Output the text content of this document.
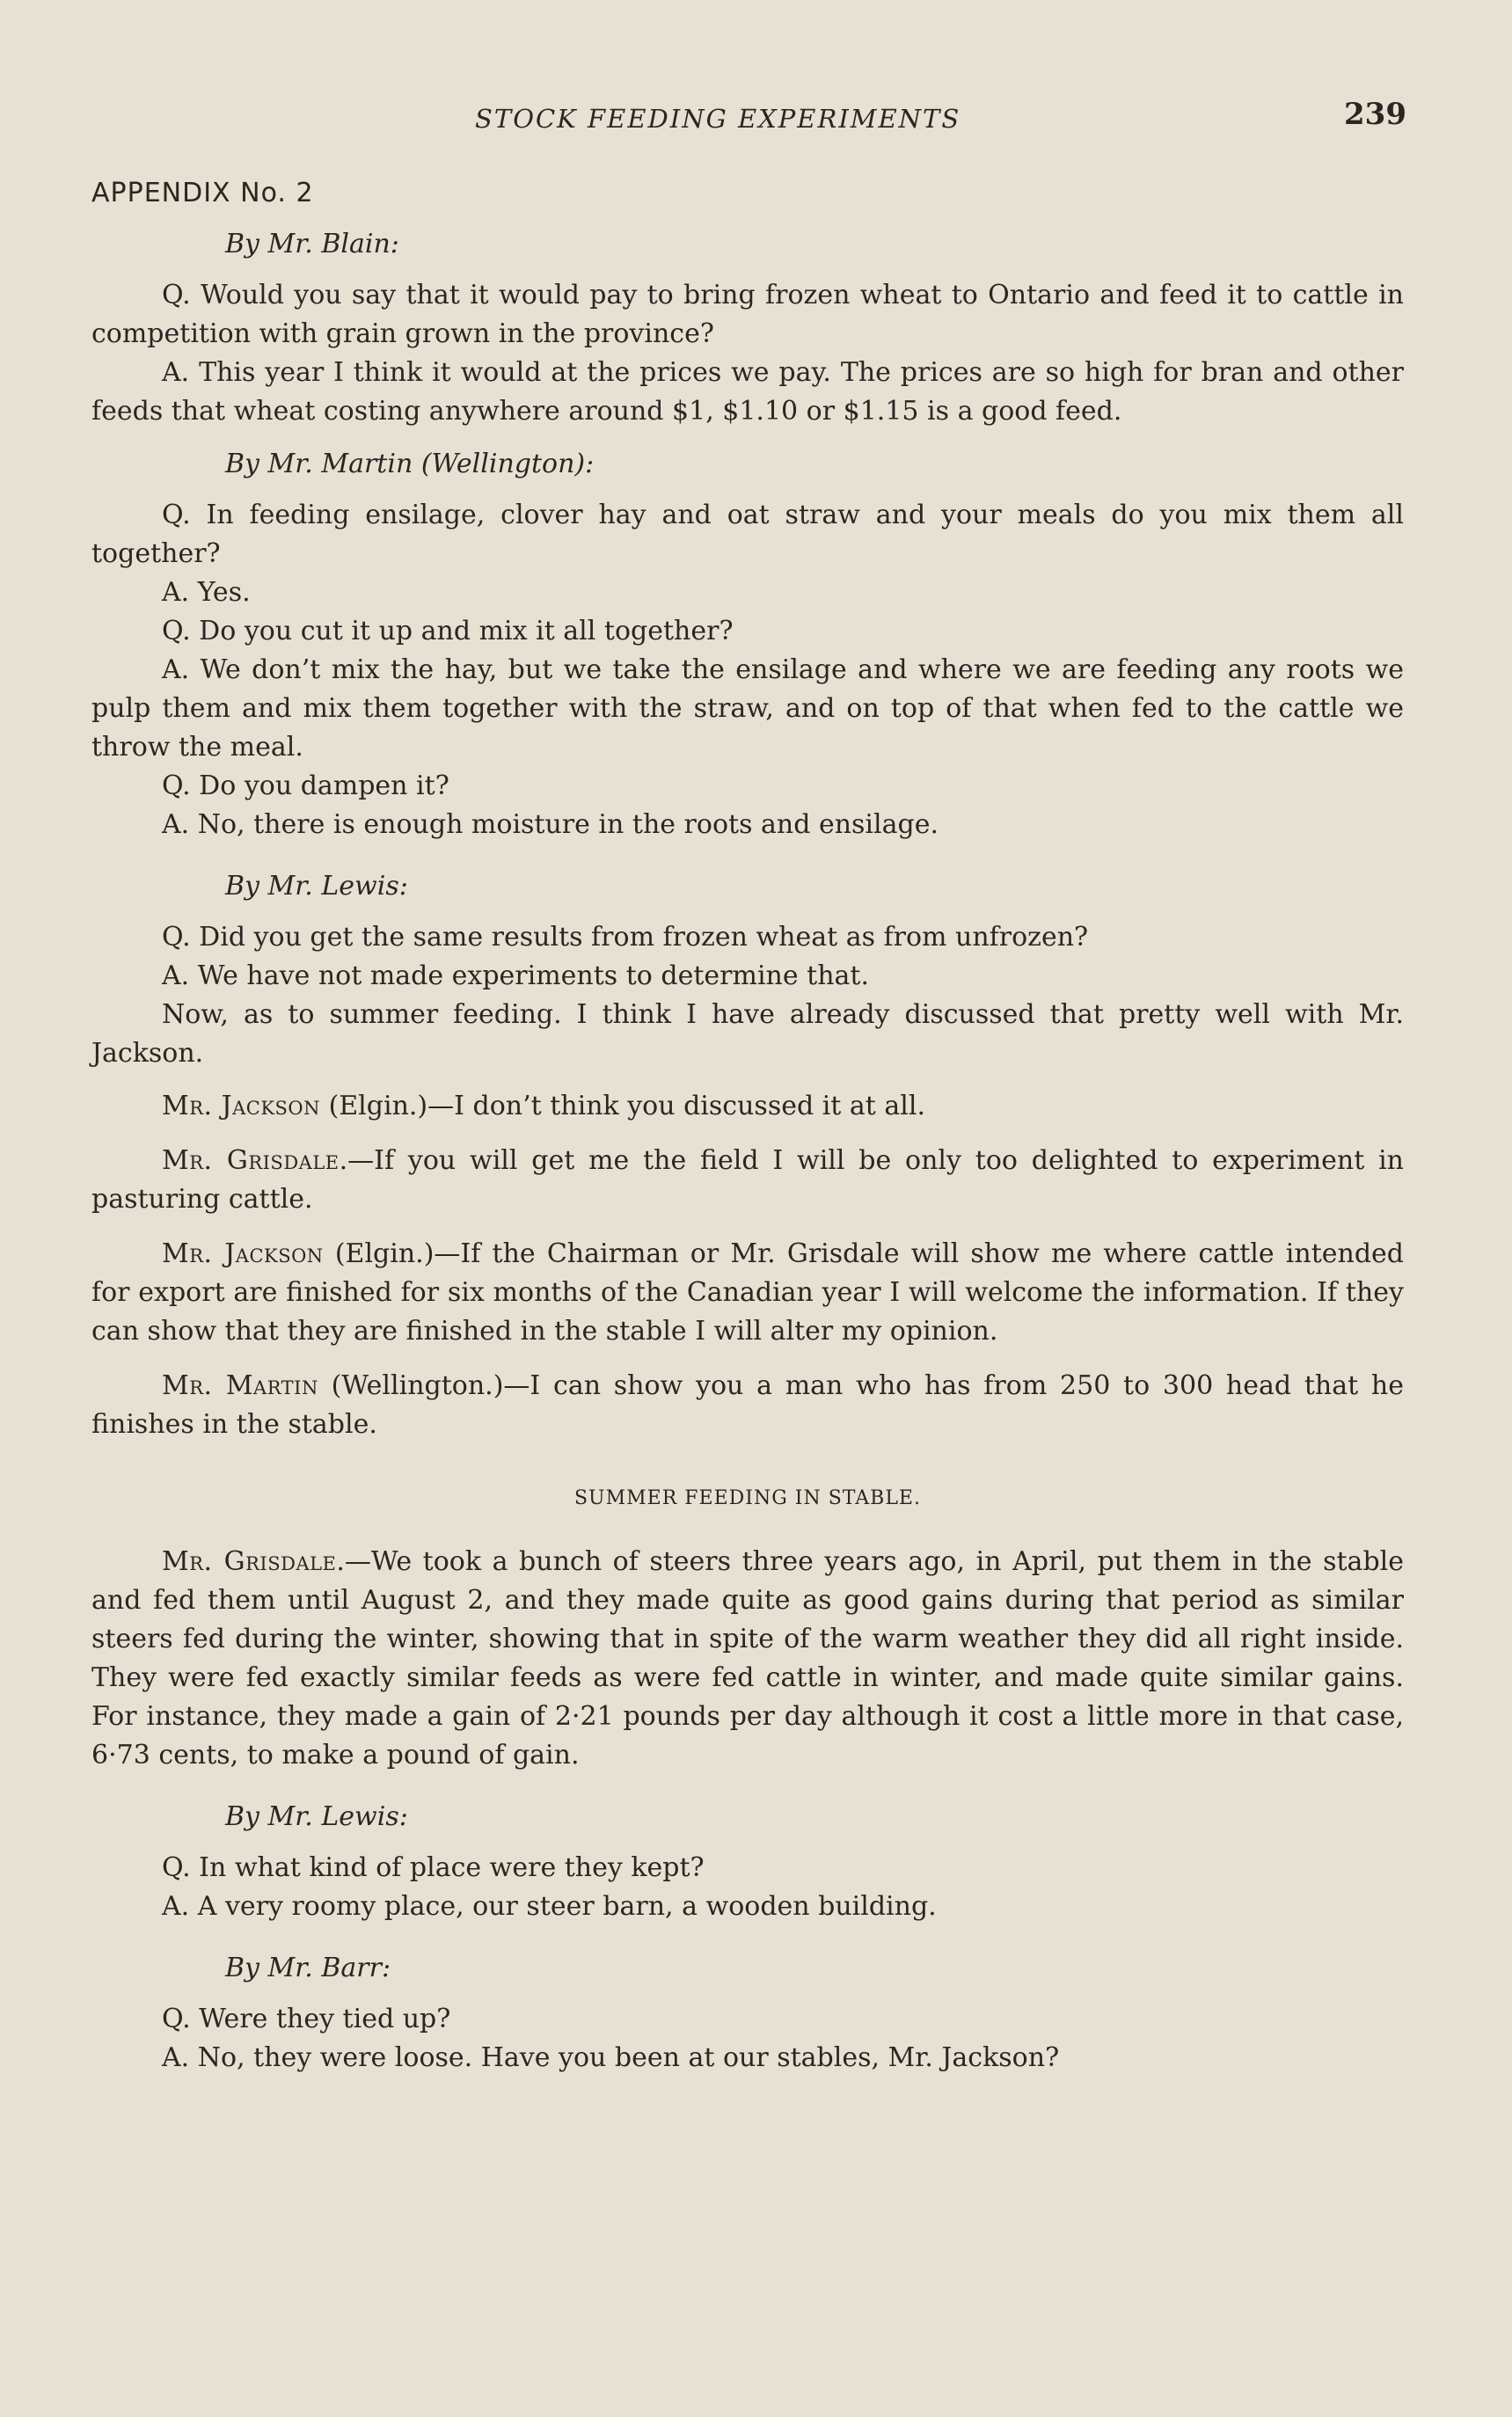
STOCK FEEDING EXPERIMENTS	239
APPENDIX No. 2
By Mr. Blain:

Q. Would you say that it would pay to bring frozen wheat to Ontario and feed it to cattle in competition with grain grown in the province?

A. This year I think it would at the prices we pay. The prices are so high for bran and other feeds that wheat costing anywhere around $1, $1.10 or $1.15 is a good feed.

By Mr. Martin (Wellington):

Q. In feeding ensilage, clover hay and oat straw and your meals do you mix them all together?

A. Yes.

Q. Do you cut it up and mix it all together?

A. We don’t mix the hay, but we take the ensilage and where we are feeding any roots we pulp them and mix them together with the straw, and on top of that when fed to the cattle we throw the meal.

Q. Do you dampen it?

A. No, there is enough moisture in the roots and ensilage.

By Mr. Lewis:

Q. Did you get the same results from frozen wheat as from unfrozen?

A. We have not made experiments to determine that.

Now, as to summer feeding. I think I have already discussed that pretty well with Mr. Jackson.

Mr. Jackson (Elgin.)—I don’t think you discussed it at all.

Mr. Grisdale.—If you will get me the field I will be only too delighted to experiment in pasturing cattle.

Mr. Jackson (Elgin.)—If the Chairman or Mr. Grisdale will show me where cattle intended for export are finished for six months of the Canadian year I will welcome the information. If they can show that they are finished in the stable I will alter my opinion.

Mr. Martin (Wellington.)—I can show you a man who has from 250 to 300 head that he finishes in the stable.

SUMMER FEEDING IN STABLE.

Mr. Grisdale.—We took a bunch of steers three years ago, in April, put them in the stable and fed them until August 2, and they made quite as good gains during that period as similar steers fed during the winter, showing that in spite of the warm weather they did all right inside. They were fed exactly similar feeds as were fed cattle in winter, and made quite similar gains. For instance, they made a gain of 2·21 pounds per day although it cost a little more in that case, 6·73 cents, to make a pound of gain.

By Mr. Lewis:

Q. In what kind of place were they kept?

A. A very roomy place, our steer barn, a wooden building.

By Mr. Barr:

Q. Were they tied up?

A. No, they were loose. Have you been at our stables, Mr. Jackson?
